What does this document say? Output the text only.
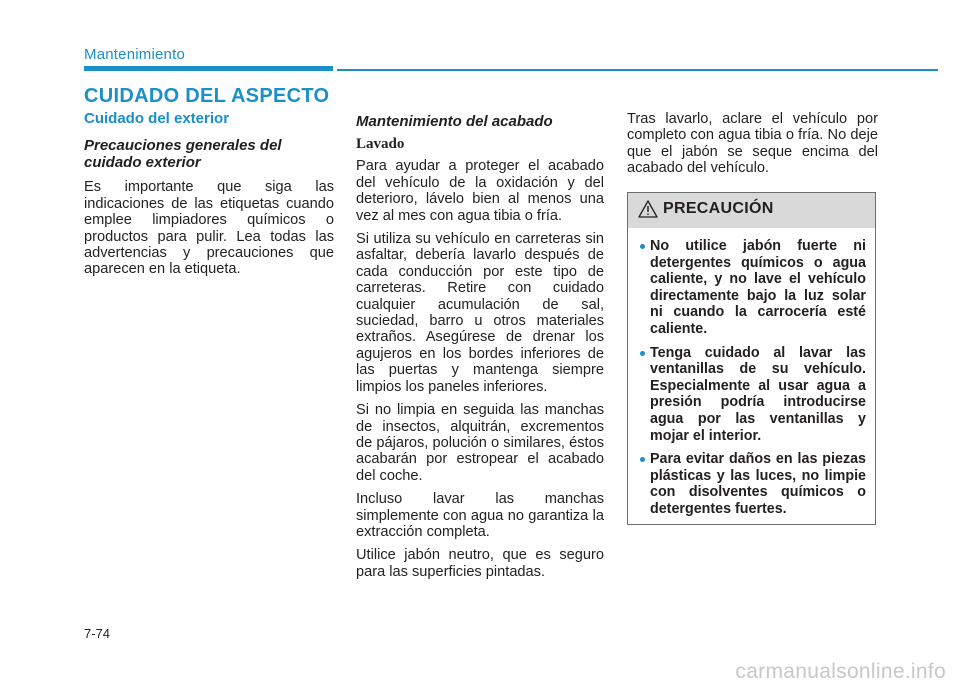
Mantenimiento
CUIDADO DEL ASPECTO
Cuidado del exterior
Precauciones generales del cuidado exterior

Es importante que siga las indicaciones de las etiquetas cuando emplee limpiadores químicos o productos para pulir. Lea todas las advertencias y precauciones que aparecen en la etiqueta.

Mantenimiento del acabado
Lavado

Para ayudar a proteger el acabado del vehículo de la oxidación y del deterioro, lávelo bien al menos una vez al mes con agua tibia o fría.

Si utiliza su vehículo en carreteras sin asfaltar, debería lavarlo después de cada conducción por este tipo de carreteras. Retire con cuidado cualquier acumulación de sal, suciedad, barro u otros materiales extraños. Asegúrese de drenar los agujeros en los bordes inferiores de las puertas y mantenga siempre limpios los paneles inferiores.

Si no limpia en seguida las manchas de insectos, alquitrán, excrementos de pájaros, polución o similares, éstos acabarán por estropear el acabado del coche.

Incluso lavar las manchas simplemente con agua no garantiza la extracción completa.

Utilice jabón neutro, que es seguro para las superficies pintadas.

Tras lavarlo, aclare el vehículo por completo con agua tibia o fría. No deje que el jabón se seque encima del acabado del vehículo.

PRECAUCIÓN
No utilice jabón fuerte ni detergentes químicos o agua caliente, y no lave el vehículo directamente bajo la luz solar ni cuando la carrocería esté caliente.
Tenga cuidado al lavar las ventanillas de su vehículo. Especialmente al usar agua a presión podría introducirse agua por las ventanillas y mojar el interior.
Para evitar daños en las piezas plásticas y las luces, no limpie con disolventes químicos o detergentes fuertes.
7-74
carmanualsonline.info
